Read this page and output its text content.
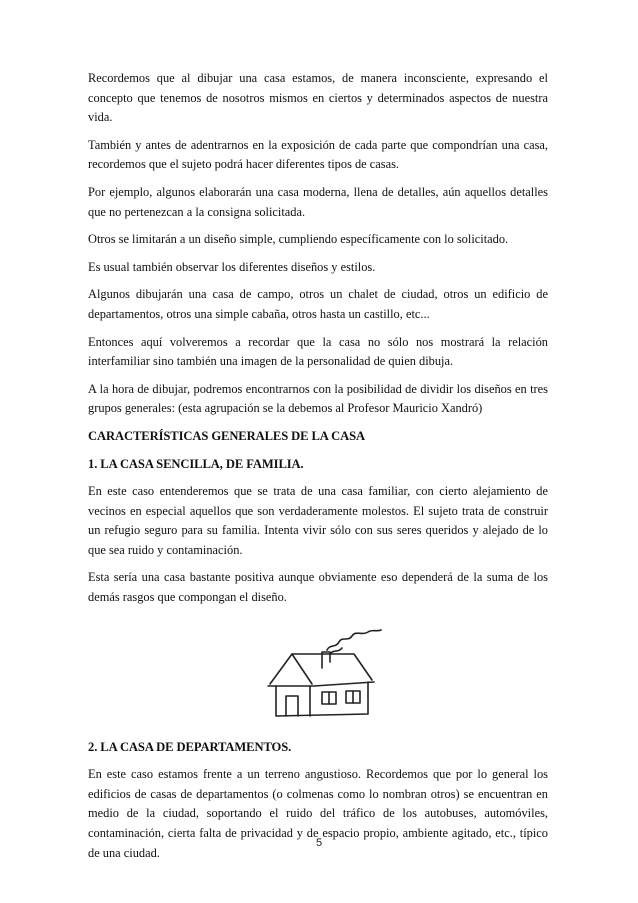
Recordemos que al dibujar una casa estamos, de manera inconsciente, expresando el concepto que tenemos de nosotros mismos en ciertos y determinados aspectos de nuestra vida.

También y antes de adentrarnos en la exposición de cada parte que compondrían una casa, recordemos que el sujeto podrá hacer diferentes tipos de casas.

Por ejemplo, algunos elaborarán una casa moderna, llena de detalles, aún aquellos detalles que no pertenezcan a la consigna solicitada.

Otros se limitarán a un diseño simple, cumpliendo específicamente con lo solicitado.

Es usual también observar los diferentes diseños y estilos.

Algunos dibujarán una casa de campo, otros un chalet de ciudad, otros un edificio de departamentos, otros una simple cabaña, otros hasta un castillo, etc...

Entonces aquí volveremos a recordar que la casa no sólo nos mostrará la relación interfamiliar sino también una imagen de la personalidad de quien dibuja.

A la hora de dibujar, podremos encontrarnos con la posibilidad de dividir los diseños en tres grupos generales: (esta agrupación se la debemos al Profesor Mauricio Xandró)

CARACTERÍSTICAS GENERALES DE LA CASA
1. LA CASA SENCILLA, DE FAMILIA.

En este caso entenderemos que se trata de una casa familiar, con cierto alejamiento de vecinos en especial aquellos que son verdaderamente molestos. El sujeto trata de construir un refugio seguro para su familia. Intenta vivir sólo con sus seres queridos y alejado de lo que sea ruido y contaminación.

Esta sería una casa bastante positiva aunque obviamente eso dependerá de la suma de los demás rasgos que compongan el diseño.

2. LA CASA DE DEPARTAMENTOS.

En este caso estamos frente a un terreno angustioso. Recordemos que por lo general los edificios de casas de departamentos (o colmenas como lo nombran otros) se encuentran en medio de la ciudad, soportando el ruido del tráfico de los autobuses, automóviles, contaminación, cierta falta de privacidad y de espacio propio, ambiente agitado, etc., típico de una ciudad.

5
